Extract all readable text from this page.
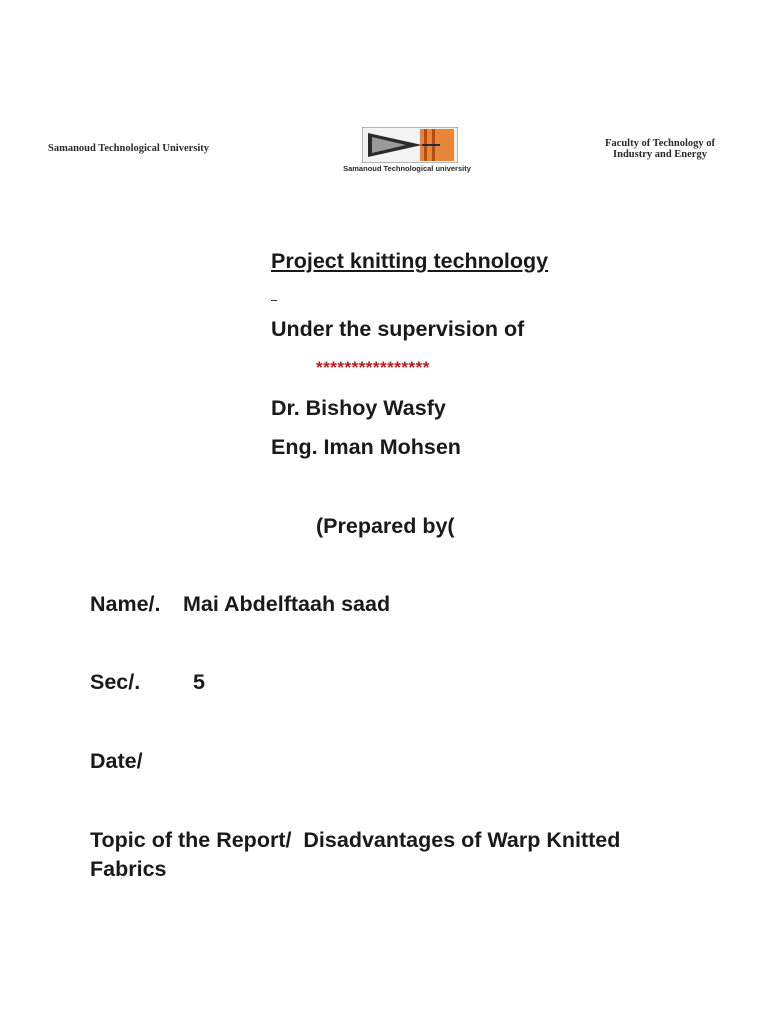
Samanoud Technological University
Samanoud Technological university
Faculty of Technology of
Industry and Energy
Project knitting technology
Under the supervision of
****************
Dr. Bishoy Wasfy
Eng. Iman Mohsen
(Prepared by(
Name/. Mai Abdelftaah saad
Sec/. 5
Date/
Topic of the Report/ Disadvantages of Warp Knitted Fabrics
